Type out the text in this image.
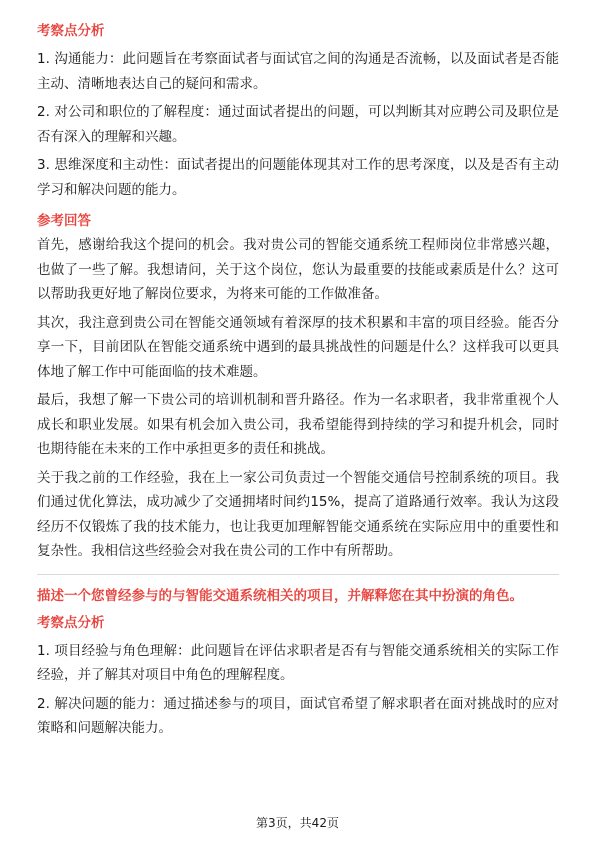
考察点分析

1. 沟通能力：此问题旨在考察面试者与面试官之间的沟通是否流畅，以及面试者是否能主动、清晰地表达自己的疑问和需求。

2. 对公司和职位的了解程度：通过面试者提出的问题，可以判断其对应聘公司及职位是否有深入的理解和兴趣。

3. 思维深度和主动性：面试者提出的问题能体现其对工作的思考深度，以及是否有主动学习和解决问题的能力。

参考回答

首先，感谢给我这个提问的机会。我对贵公司的智能交通系统工程师岗位非常感兴趣，也做了一些了解。我想请问，关于这个岗位，您认为最重要的技能或素质是什么？这可以帮助我更好地了解岗位要求，为将来可能的工作做准备。

其次，我注意到贵公司在智能交通领域有着深厚的技术积累和丰富的项目经验。能否分享一下，目前团队在智能交通系统中遇到的最具挑战性的问题是什么？这样我可以更具体地了解工作中可能面临的技术难题。

最后，我想了解一下贵公司的培训机制和晋升路径。作为一名求职者，我非常重视个人成长和职业发展。如果有机会加入贵公司，我希望能得到持续的学习和提升机会，同时也期待能在未来的工作中承担更多的责任和挑战。

关于我之前的工作经验，我在上一家公司负责过一个智能交通信号控制系统的项目。我们通过优化算法，成功减少了交通拥堵时间约15%，提高了道路通行效率。我认为这段经历不仅锻炼了我的技术能力，也让我更加理解智能交通系统在实际应用中的重要性和复杂性。我相信这些经验会对我在贵公司的工作中有所帮助。

描述一个您曾经参与的与智能交通系统相关的项目，并解释您在其中扮演的角色。

考察点分析

1. 项目经验与角色理解：此问题旨在评估求职者是否有与智能交通系统相关的实际工作经验，并了解其对项目中角色的理解程度。

2. 解决问题的能力：通过描述参与的项目，面试官希望了解求职者在面对挑战时的应对策略和问题解决能力。

第3页，共42页
